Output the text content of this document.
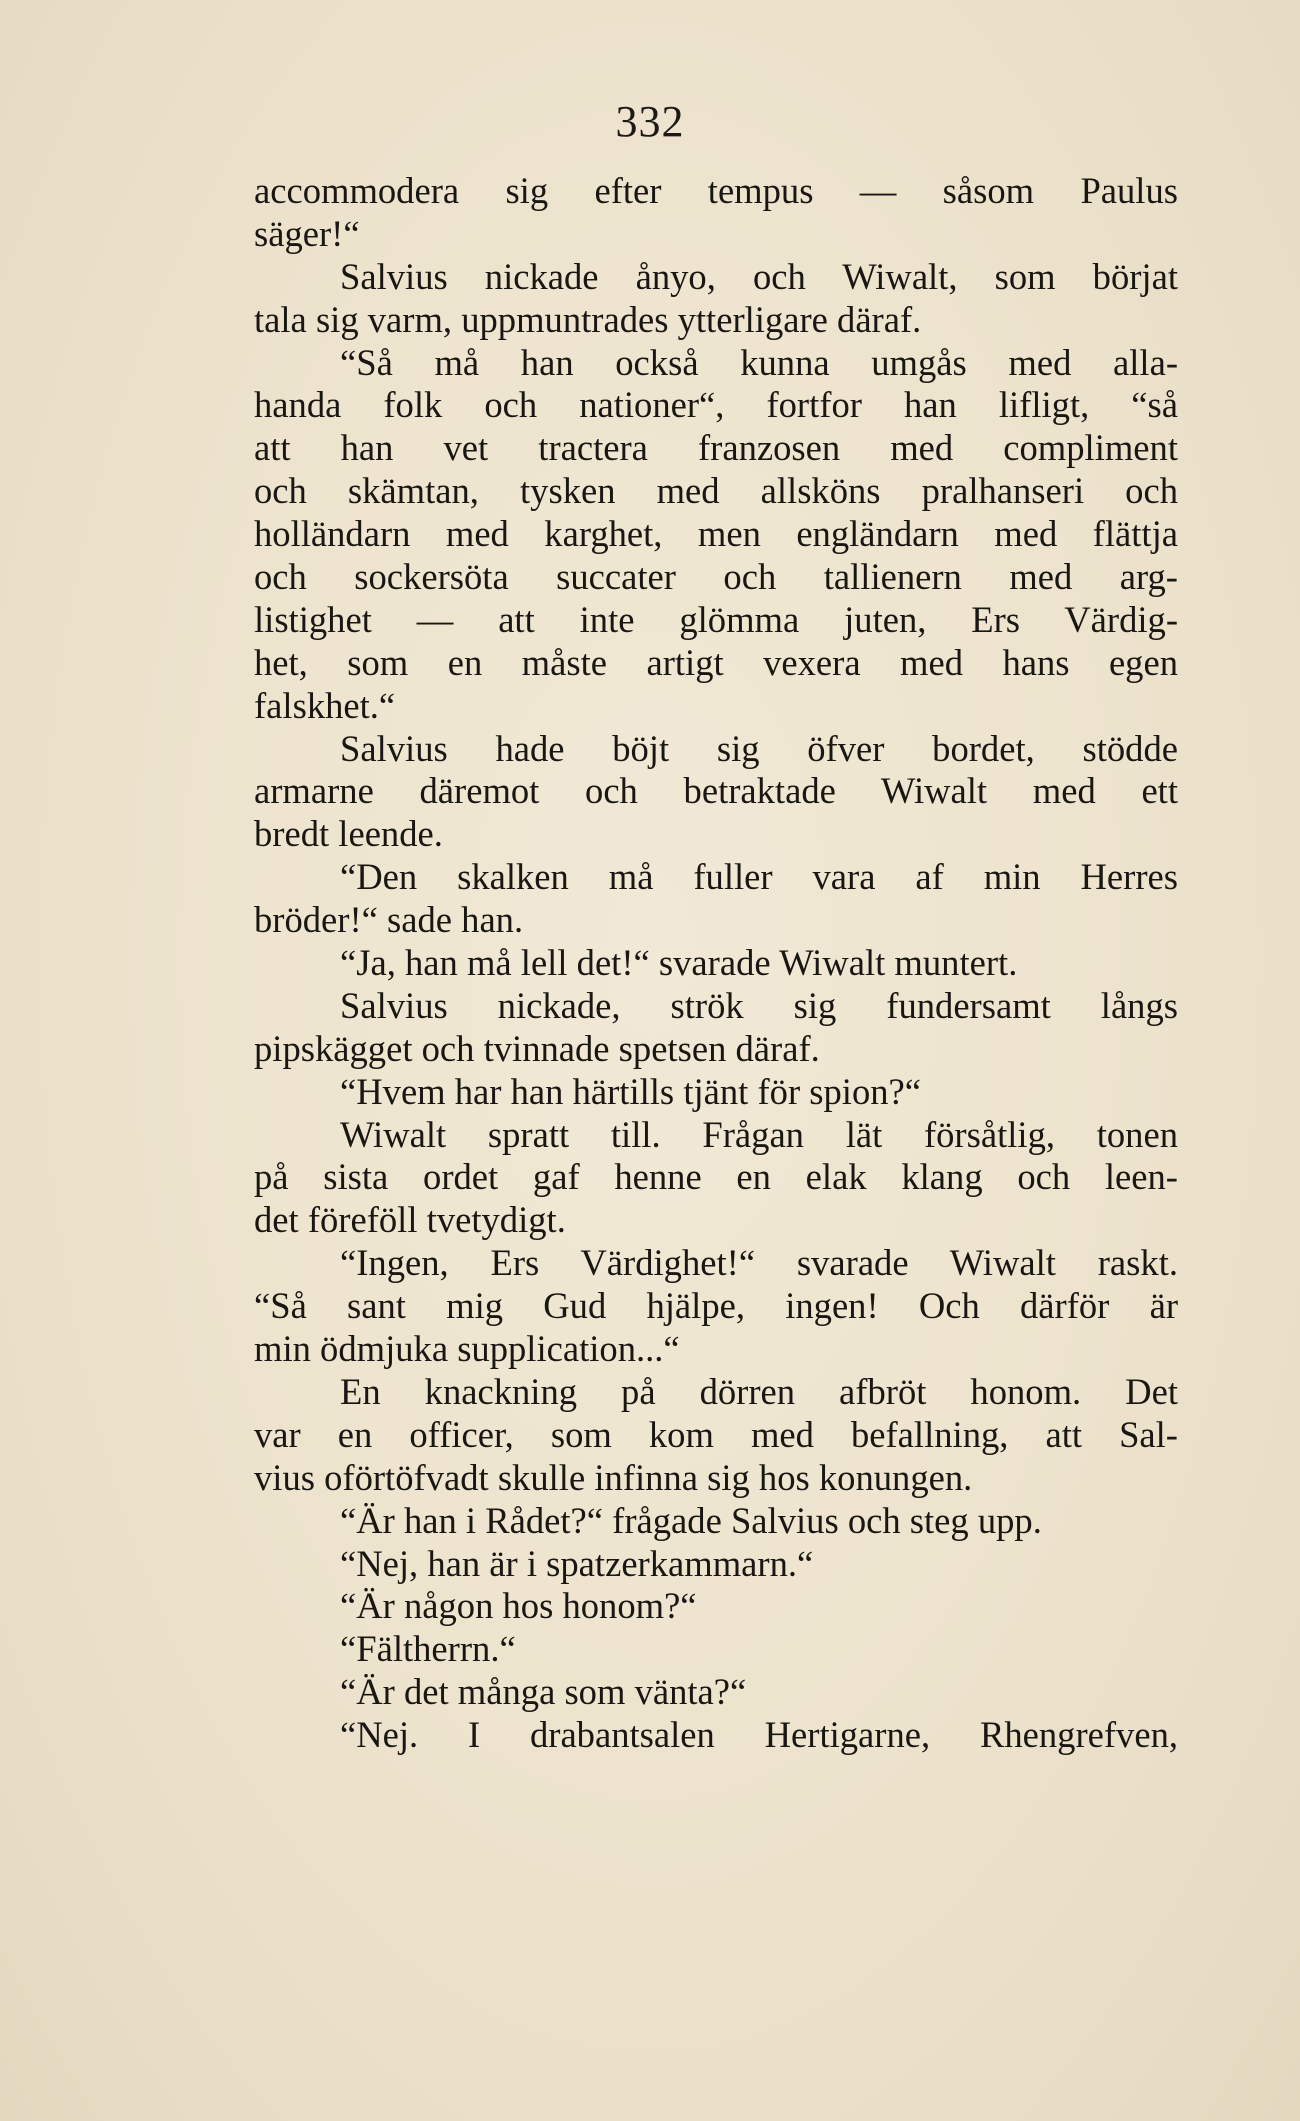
332
accommodera sig efter tempus — såsom Paulus
säger!“
Salvius nickade ånyo, och Wiwalt, som börjat
tala sig varm, uppmuntrades ytterligare däraf.
“Så må han också kunna umgås med alla-
handa folk och nationer“, fortfor han lifligt, “så
att han vet tractera franzosen med compliment
och skämtan, tysken med allsköns pralhanseri och
holländarn med karghet, men engländarn med flättja
och sockersöta succater och tallienern med arg-
listighet — att inte glömma juten, Ers Värdig-
het, som en måste artigt vexera med hans egen
falskhet.“
Salvius hade böjt sig öfver bordet, stödde
armarne däremot och betraktade Wiwalt med ett
bredt leende.
“Den skalken må fuller vara af min Herres
bröder!“ sade han.
“Ja, han må lell det!“ svarade Wiwalt muntert.
Salvius nickade, strök sig fundersamt långs
pipskägget och tvinnade spetsen däraf.
“Hvem har han härtills tjänt för spion?“
Wiwalt spratt till. Frågan lät försåtlig, tonen
på sista ordet gaf henne en elak klang och leen-
det föreföll tvetydigt.
“Ingen, Ers Värdighet!“ svarade Wiwalt raskt.
“Så sant mig Gud hjälpe, ingen! Och därför är
min ödmjuka supplication...“
En knackning på dörren afbröt honom. Det
var en officer, som kom med befallning, att Sal-
vius oförtöfvadt skulle infinna sig hos konungen.
“Är han i Rådet?“ frågade Salvius och steg upp.
“Nej, han är i spatzerkammarn.“
“Är någon hos honom?“
“Fältherrn.“
“Är det många som vänta?“
“Nej. I drabantsalen Hertigarne, Rhengrefven,
